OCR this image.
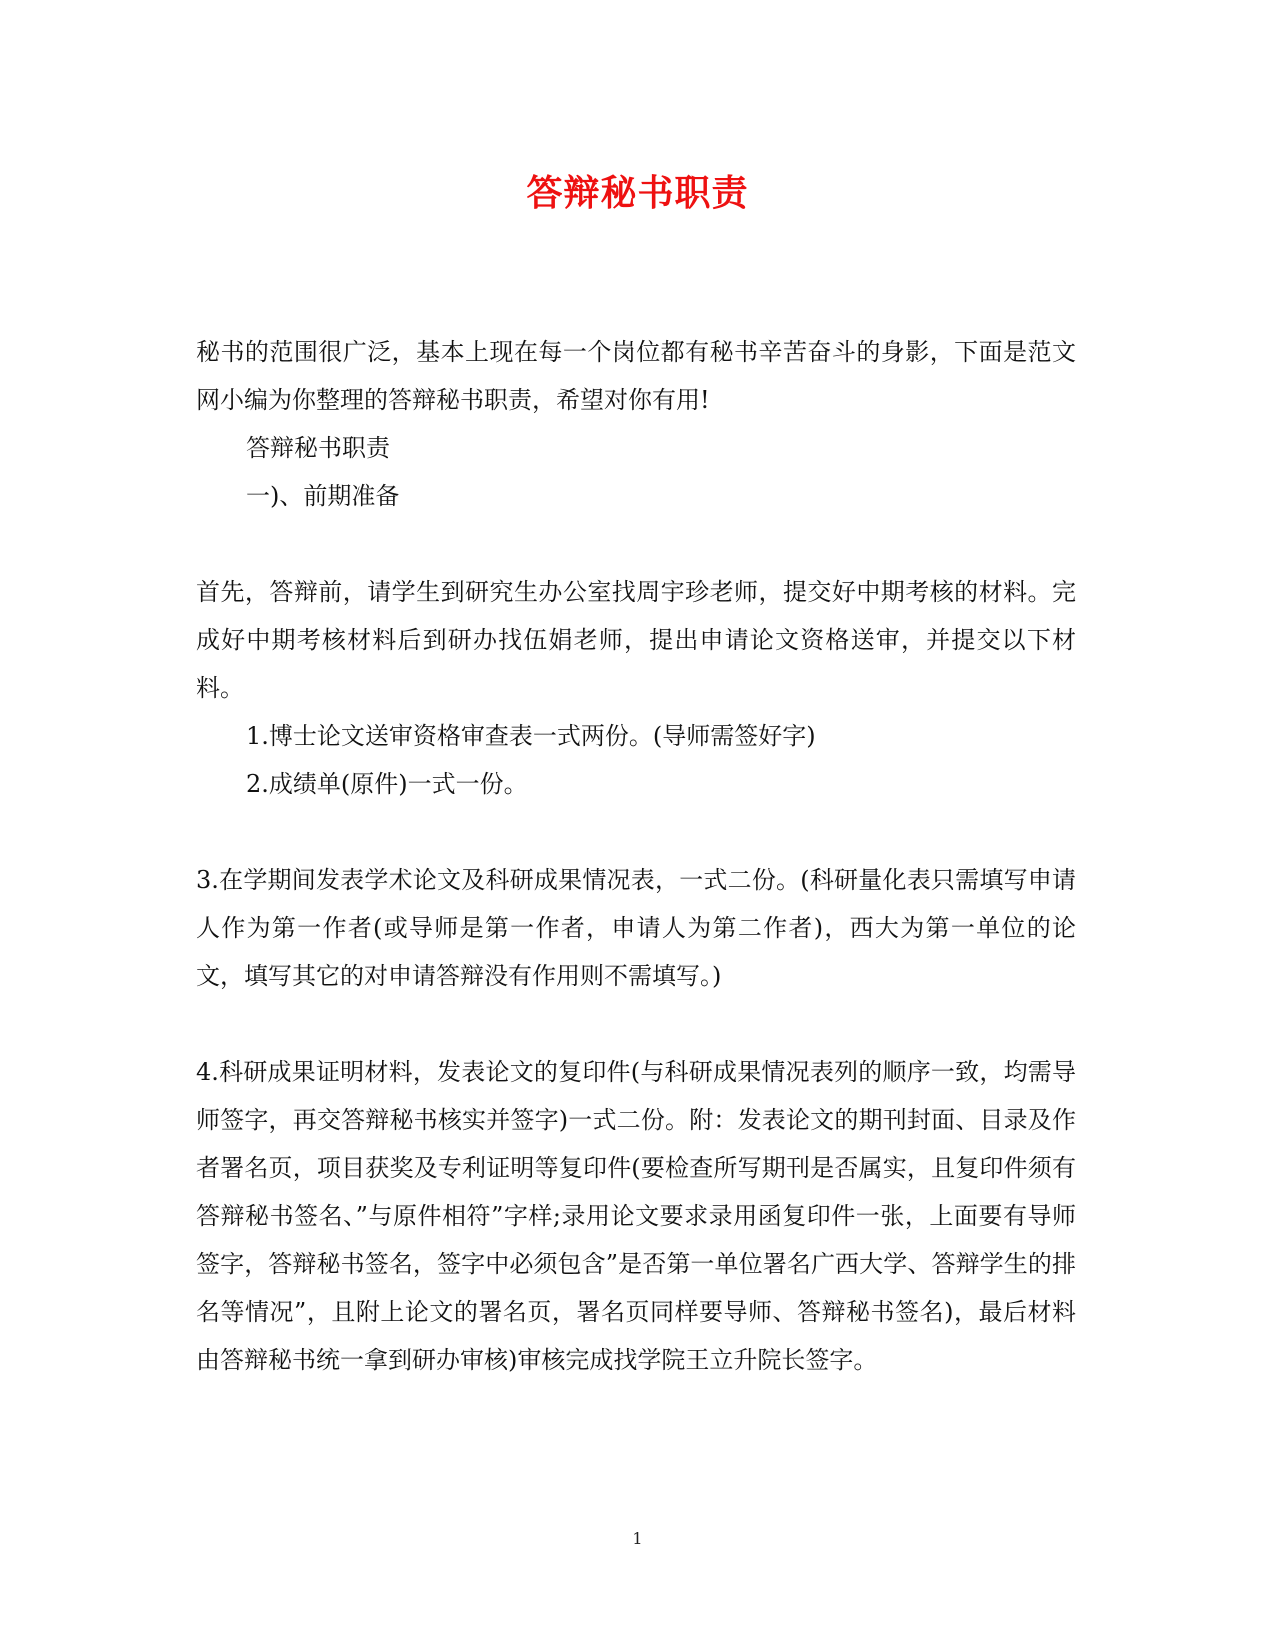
答辩秘书职责

秘书的范围很广泛，基本上现在每一个岗位都有秘书辛苦奋斗的身影，下面是范文网小编为你整理的答辩秘书职责，希望对你有用!

答辩秘书职责

一)、前期准备

首先，答辩前，请学生到研究生办公室找周宇珍老师，提交好中期考核的材料。完成好中期考核材料后到研办找伍娟老师，提出申请论文资格送审，并提交以下材料。

1.博士论文送审资格审查表一式两份。(导师需签好字)

2.成绩单(原件)一式一份。

3.在学期间发表学术论文及科研成果情况表，一式二份。(科研量化表只需填写申请人作为第一作者(或导师是第一作者，申请人为第二作者)，西大为第一单位的论文，填写其它的对申请答辩没有作用则不需填写。)

4.科研成果证明材料，发表论文的复印件(与科研成果情况表列的顺序一致，均需导师签字，再交答辩秘书核实并签字)一式二份。附：发表论文的期刊封面、目录及作者署名页，项目获奖及专利证明等复印件(要检查所写期刊是否属实，且复印件须有答辩秘书签名、”与原件相符”字样;录用论文要求录用函复印件一张，上面要有导师签字，答辩秘书签名，签字中必须包含”是否第一单位署名广西大学、答辩学生的排名等情况”，且附上论文的署名页，署名页同样要导师、答辩秘书签名)，最后材料由答辩秘书统一拿到研办审核)审核完成找学院王立升院长签字。

1
